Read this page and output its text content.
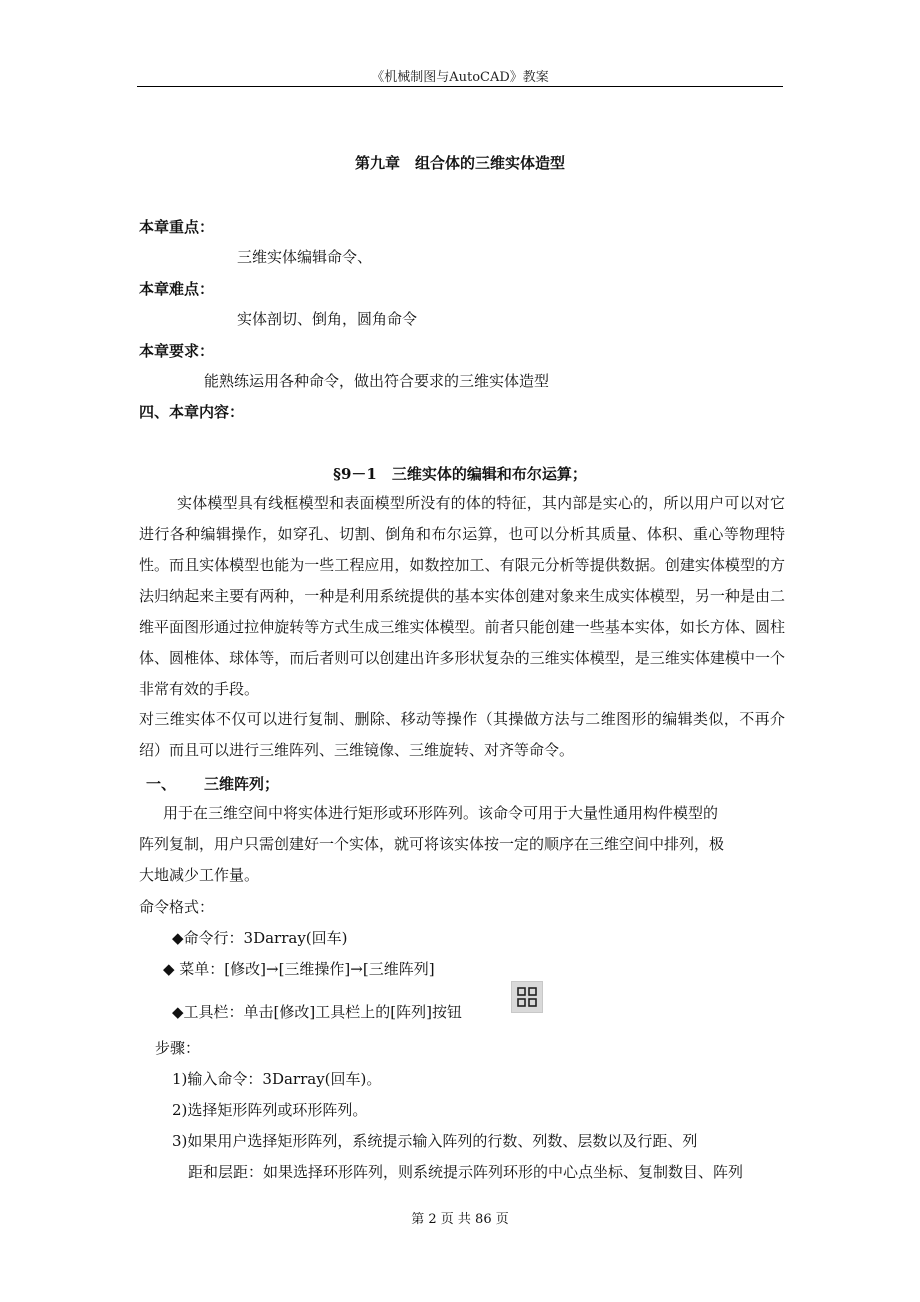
《机械制图与AutoCAD》教案
第九章　组合体的三维实体造型
本章重点：
三维实体编辑命令、
本章难点：
实体剖切、倒角，圆角命令
本章要求：
能熟练运用各种命令，做出符合要求的三维实体造型
四、本章内容：
§9－1　三维实体的编辑和布尔运算；
实体模型具有线框模型和表面模型所没有的体的特征，其内部是实心的，所以用户可以对它进行各种编辑操作，如穿孔、切割、倒角和布尔运算，也可以分析其质量、体积、重心等物理特性。而且实体模型也能为一些工程应用，如数控加工、有限元分析等提供数据。创建实体模型的方法归纳起来主要有两种，一种是利用系统提供的基本实体创建对象来生成实体模型，另一种是由二维平面图形通过拉伸旋转等方式生成三维实体模型。前者只能创建一些基本实体，如长方体、圆柱体、圆椎体、球体等，而后者则可以创建出许多形状复杂的三维实体模型，是三维实体建模中一个非常有效的手段。
对三维实体不仅可以进行复制、删除、移动等操作（其操做方法与二维图形的编辑类似，不再介绍）而且可以进行三维阵列、三维镜像、三维旋转、对齐等命令。
一、 三维阵列；
用于在三维空间中将实体进行矩形或环形阵列。该命令可用于大量性通用构件模型的
阵列复制，用户只需创建好一个实体，就可将该实体按一定的顺序在三维空间中排列，极
大地减少工作量。
命令格式：
◆命令行：3Darray(回车)
◆ 菜单：[修改]→[三维操作]→[三维阵列]
◆工具栏：单击[修改]工具栏上的[阵列]按钮
步骤：
1)输入命令：3Darray(回车)。
2)选择矩形阵列或环形阵列。
3)如果用户选择矩形阵列，系统提示输入阵列的行数、列数、层数以及行距、列
距和层距：如果选择环形阵列，则系统提示阵列环形的中心点坐标、复制数目、阵列
第 2 页 共 86 页
